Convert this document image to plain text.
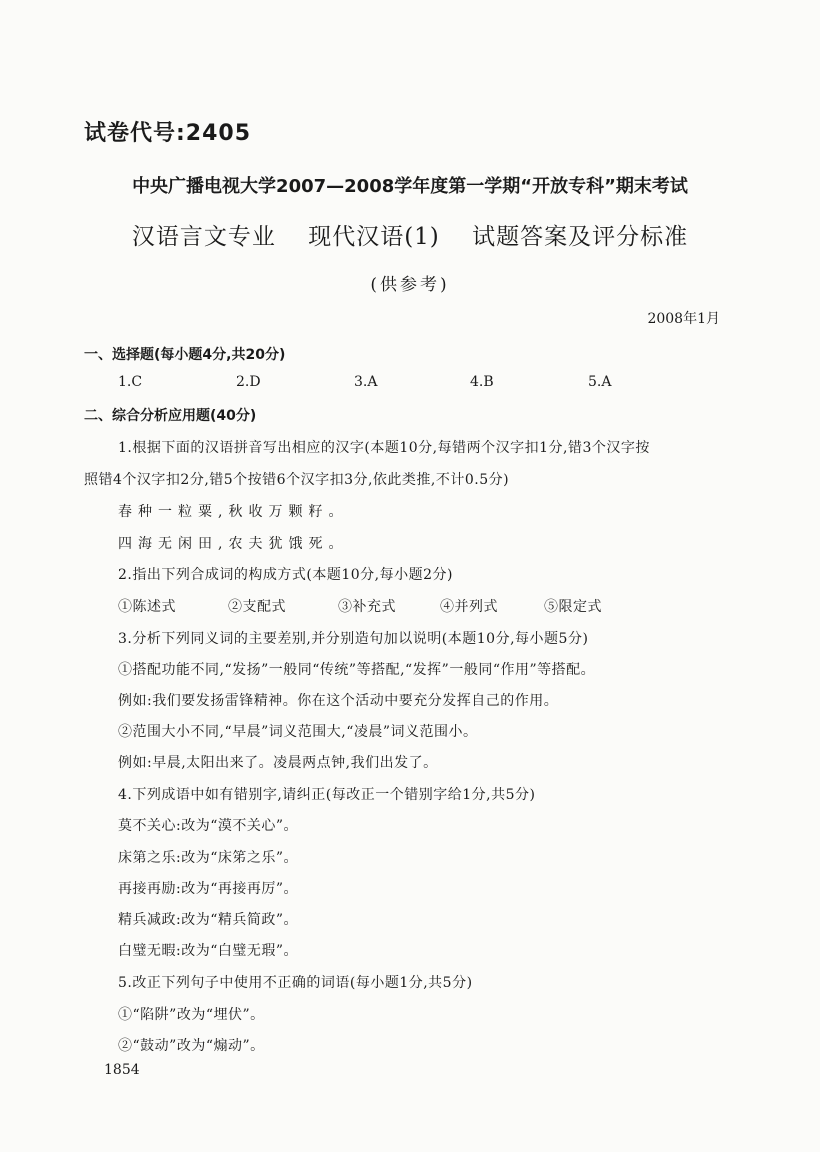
试卷代号:2405
中央广播电视大学2007—2008学年度第一学期“开放专科”期末考试
汉语言文专业 现代汉语(1) 试题答案及评分标准
(供参考)
2008年1月
一、选择题(每小题4分,共20分)
1.C	2.D	3.A	4.B	5.A
二、综合分析应用题(40分)
1.根据下面的汉语拼音写出相应的汉字(本题10分,每错两个汉字扣1分,错3个汉字按
照错4个汉字扣2分,错5个按错6个汉字扣3分,依此类推,不计0.5分)
春种一粒粟,秋收万颗籽。
四海无闲田,农夫犹饿死。
2.指出下列合成词的构成方式(本题10分,每小题2分)
①陈述式	②支配式	③补充式	④并列式	⑤限定式
3.分析下列同义词的主要差别,并分别造句加以说明(本题10分,每小题5分)
①搭配功能不同,“发扬”一般同“传统”等搭配,“发挥”一般同“作用”等搭配。
例如:我们要发扬雷锋精神。你在这个活动中要充分发挥自己的作用。
②范围大小不同,“早晨”词义范围大,“凌晨”词义范围小。
例如:早晨,太阳出来了。凌晨两点钟,我们出发了。
4.下列成语中如有错别字,请纠正(每改正一个错别字给1分,共5分)
莫不关心:改为“漠不关心”。
床第之乐:改为“床笫之乐”。
再接再励:改为“再接再厉”。
精兵减政:改为“精兵简政”。
白璧无暇:改为“白璧无瑕”。
5.改正下列句子中使用不正确的词语(每小题1分,共5分)
①“陷阱”改为“埋伏”。
②“鼓动”改为“煽动”。
1854
